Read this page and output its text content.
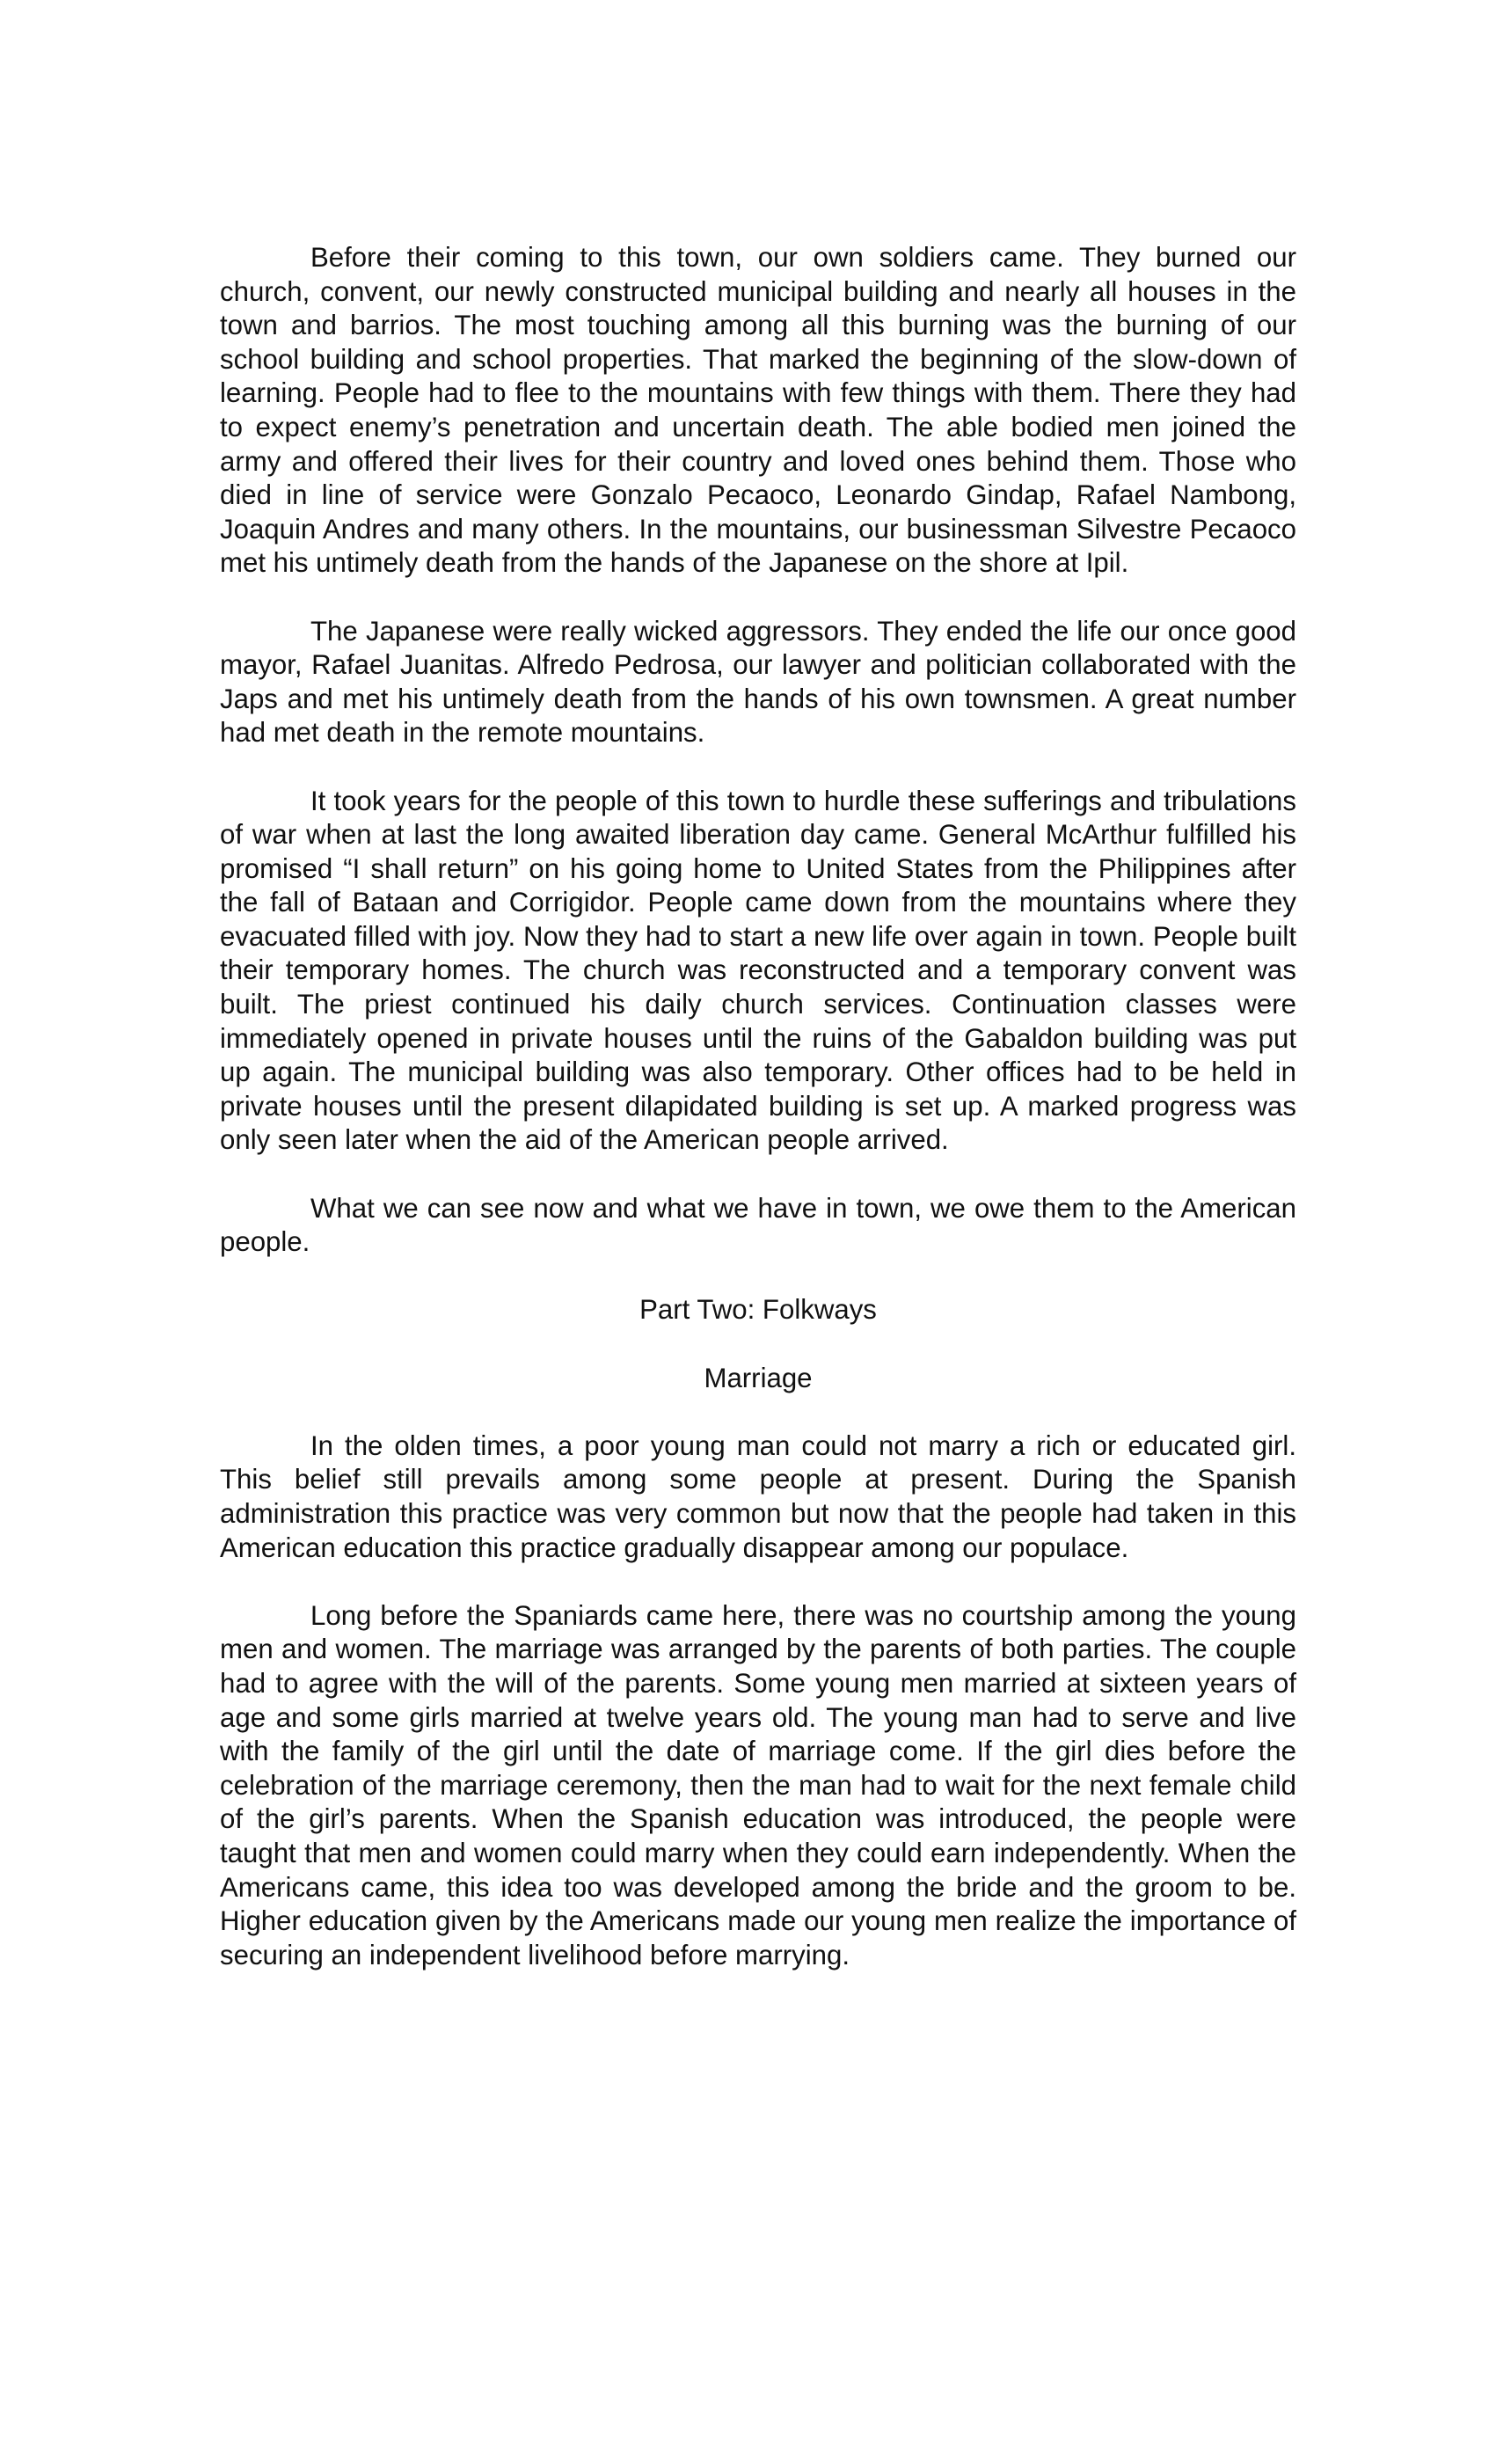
Before their coming to this town, our own soldiers came. They burned our church, convent, our newly constructed municipal building and nearly all houses in the town and barrios. The most touching among all this burning was the burning of our school building and school properties. That marked the beginning of the slow-down of learning. People had to flee to the mountains with few things with them. There they had to expect enemy’s penetration and uncertain death. The able bodied men joined the army and offered their lives for their country and loved ones behind them. Those who died in line of service were Gonzalo Pecaoco, Leonardo Gindap, Rafael Nambong, Joaquin Andres and many others. In the mountains, our businessman Silvestre Pecaoco met his untimely death from the hands of the Japanese on the shore at Ipil.

The Japanese were really wicked aggressors. They ended the life our once good mayor, Rafael Juanitas. Alfredo Pedrosa, our lawyer and politician collaborated with the Japs and met his untimely death from the hands of his own townsmen. A great number had met death in the remote mountains.

It took years for the people of this town to hurdle these sufferings and tribulations of war when at last the long awaited liberation day came. General McArthur fulfilled his promised “I shall return” on his going home to United States from the Philippines after the fall of Bataan and Corrigidor. People came down from the mountains where they evacuated filled with joy. Now they had to start a new life over again in town. People built their temporary homes. The church was reconstructed and a temporary convent was built. The priest continued his daily church services. Continuation classes were immediately opened in private houses until the ruins of the Gabaldon building was put up again. The municipal building was also temporary. Other offices had to be held in private houses until the present dilapidated building is set up. A marked progress was only seen later when the aid of the American people arrived.

What we can see now and what we have in town, we owe them to the American people.

Part Two: Folkways

Marriage

In the olden times, a poor young man could not marry a rich or educated girl. This belief still prevails among some people at present. During the Spanish administration this practice was very common but now that the people had taken in this American education this practice gradually disappear among our populace.

Long before the Spaniards came here, there was no courtship among the young men and women. The marriage was arranged by the parents of both parties. The couple had to agree with the will of the parents. Some young men married at sixteen years of age and some girls married at twelve years old. The young man had to serve and live with the family of the girl until the date of marriage come. If the girl dies before the celebration of the marriage ceremony, then the man had to wait for the next female child of the girl’s parents. When the Spanish education was introduced, the people were taught that men and women could marry when they could earn independently. When the Americans came, this idea too was developed among the bride and the groom to be. Higher education given by the Americans made our young men realize the importance of securing an independent livelihood before marrying.
